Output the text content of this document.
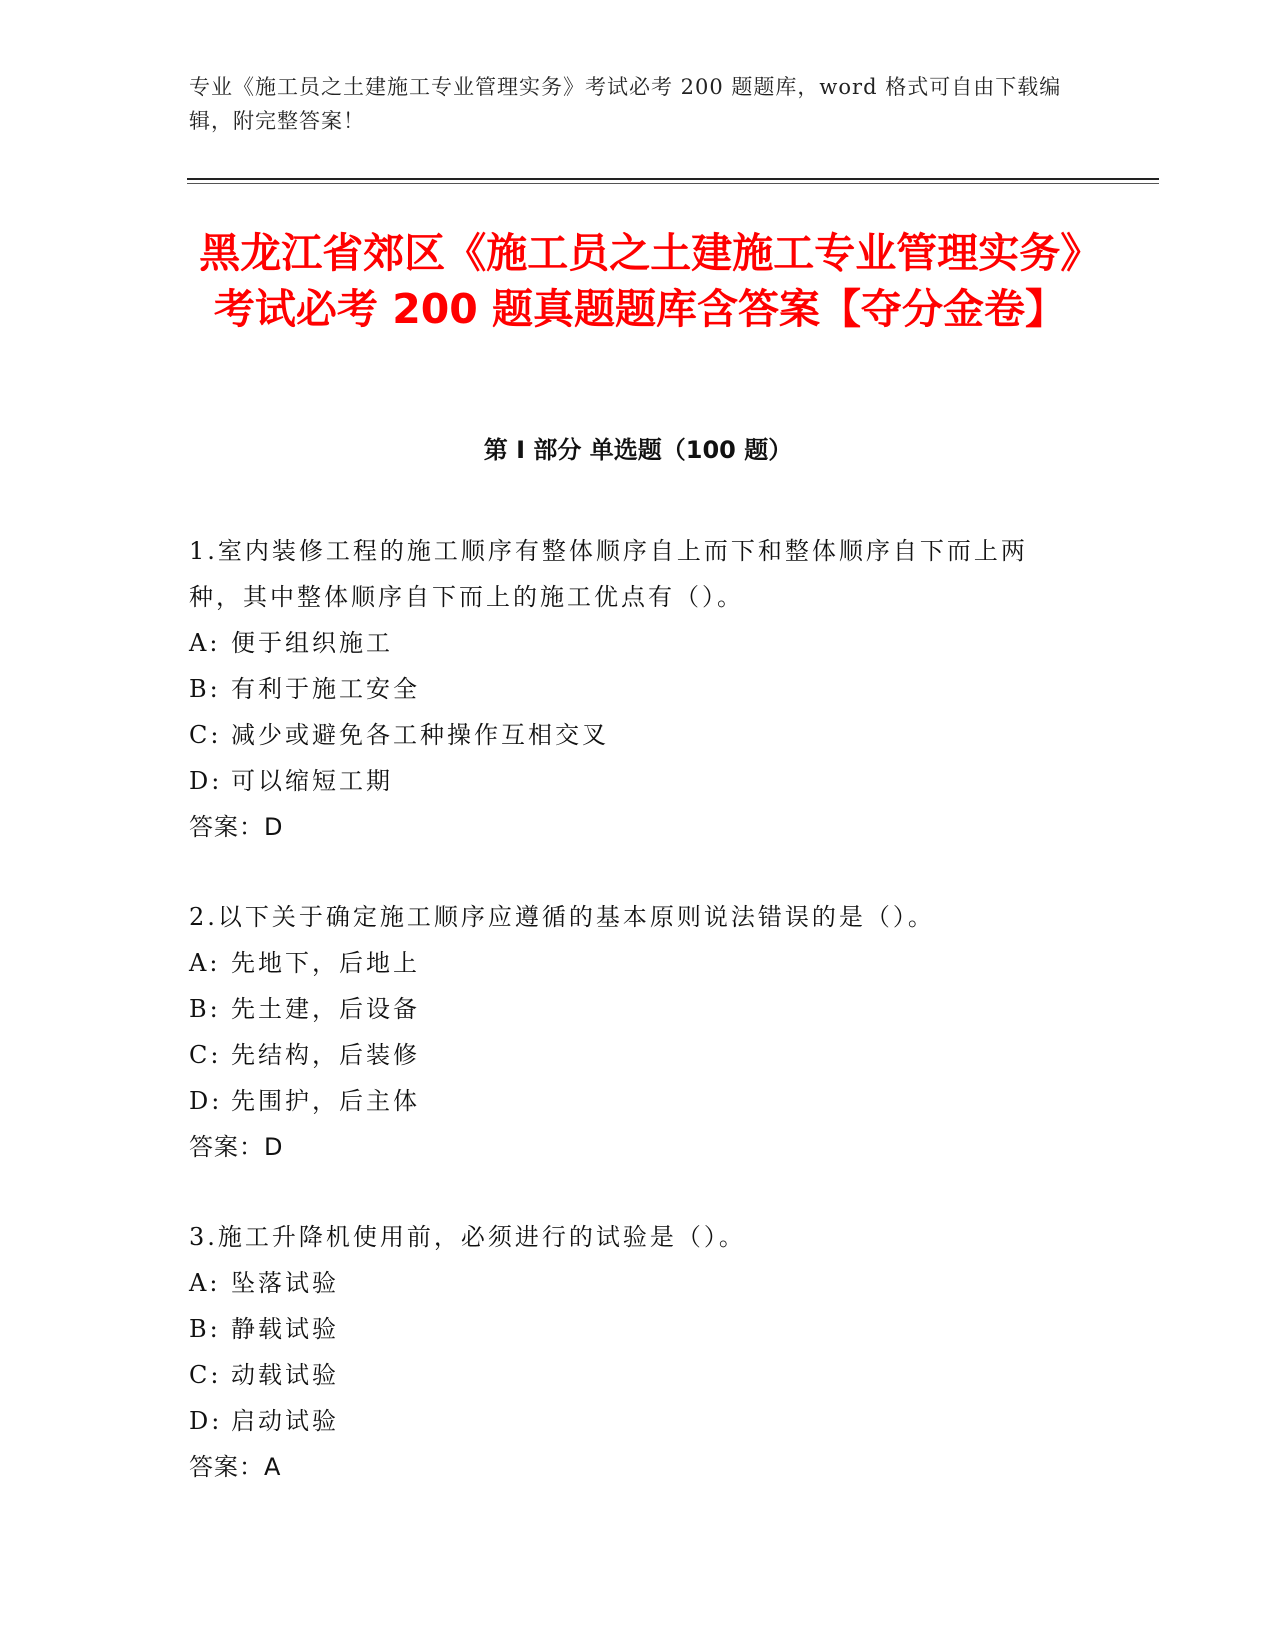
专业《施工员之土建施工专业管理实务》考试必考 200 题题库，word 格式可自由下载编辑，附完整答案！
黑龙江省郊区《施工员之土建施工专业管理实务》考试必考 200 题真题题库含答案【夺分金卷】
第 I 部分 单选题（100 题）
1.室内装修工程的施工顺序有整体顺序自上而下和整体顺序自下而上两种，其中整体顺序自下而上的施工优点有（）。
A: 便于组织施工
B: 有利于施工安全
C: 减少或避免各工种操作互相交叉
D: 可以缩短工期
答案：D
2.以下关于确定施工顺序应遵循的基本原则说法错误的是（）。
A: 先地下，后地上
B: 先土建，后设备
C: 先结构，后装修
D: 先围护，后主体
答案：D
3.施工升降机使用前，必须进行的试验是（）。
A: 坠落试验
B: 静载试验
C: 动载试验
D: 启动试验
答案：A
